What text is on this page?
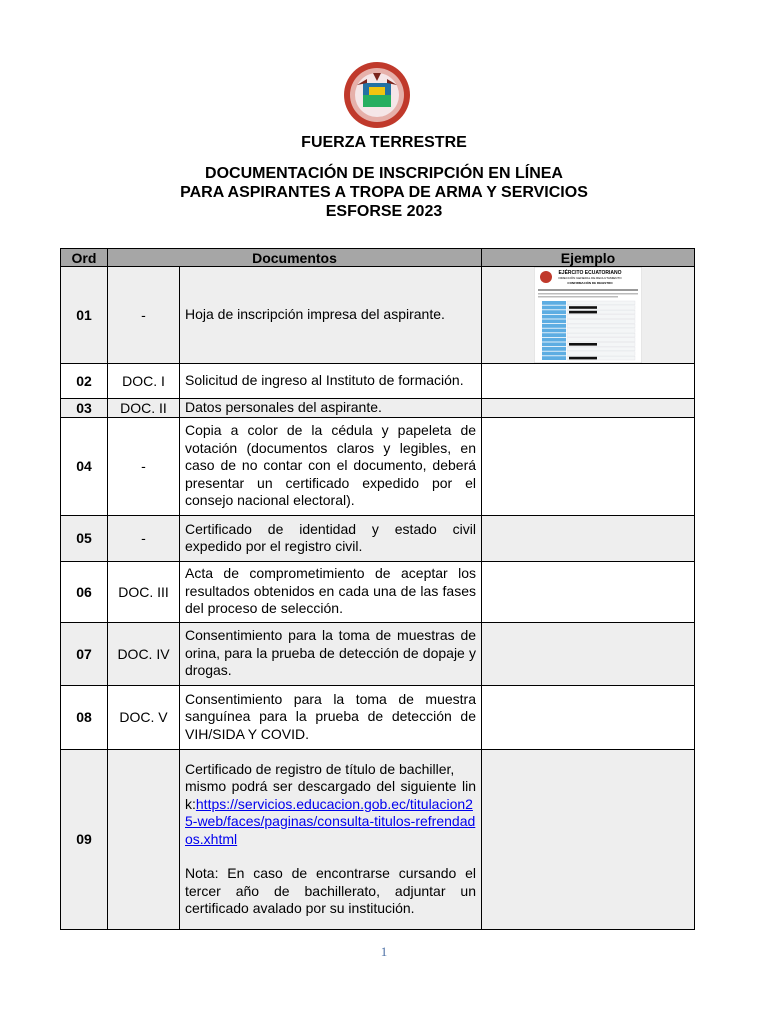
FUERZA TERRESTRE
DOCUMENTACIÓN DE INSCRIPCIÓN EN LÍNEA
PARA ASPIRANTES A TROPA DE ARMA Y SERVICIOS
ESFORSE 2023
Ord	Documentos		Ejemplo
01	-	Hoja de inscripción impresa del aspirante.	EJÉRCITO ECUATORIANO
DIRECCIÓN GENERAL DE RECLUTAMIENTO
CONFIRMACIÓN DE REGISTRO

02	DOC. I	Solicitud de ingreso al Instituto de formación.	
03	DOC. II	Datos personales del aspirante.	
04	-	Copia a color de la cédula y papeleta de votación (documentos claros y legibles, en caso de no contar con el documento, deberá presentar un certificado expedido por el consejo nacional electoral).	
05	-	Certificado de identidad y estado civil expedido por el registro civil.	
06	DOC. III	Acta de comprometimiento de aceptar los resultados obtenidos en cada una de las fases del proceso de selección.	
07	DOC. IV	Consentimiento para la toma de muestras de orina, para la prueba de detección de dopaje y drogas.	
08	DOC. V	Consentimiento para la toma de muestra sanguínea para la prueba de detección de VIH/SIDA Y COVID.	
09		Certificado de registro de título de bachiller,
mismo podrá ser descargado del siguiente link:https://servicios.educacion.gob.ec/titulacion25-web/faces/paginas/consulta-titulos-refrendados.xhtml
Nota: En caso de encontrarse cursando el tercer año de bachillerato, adjuntar un certificado avalado por su institución.	

1
